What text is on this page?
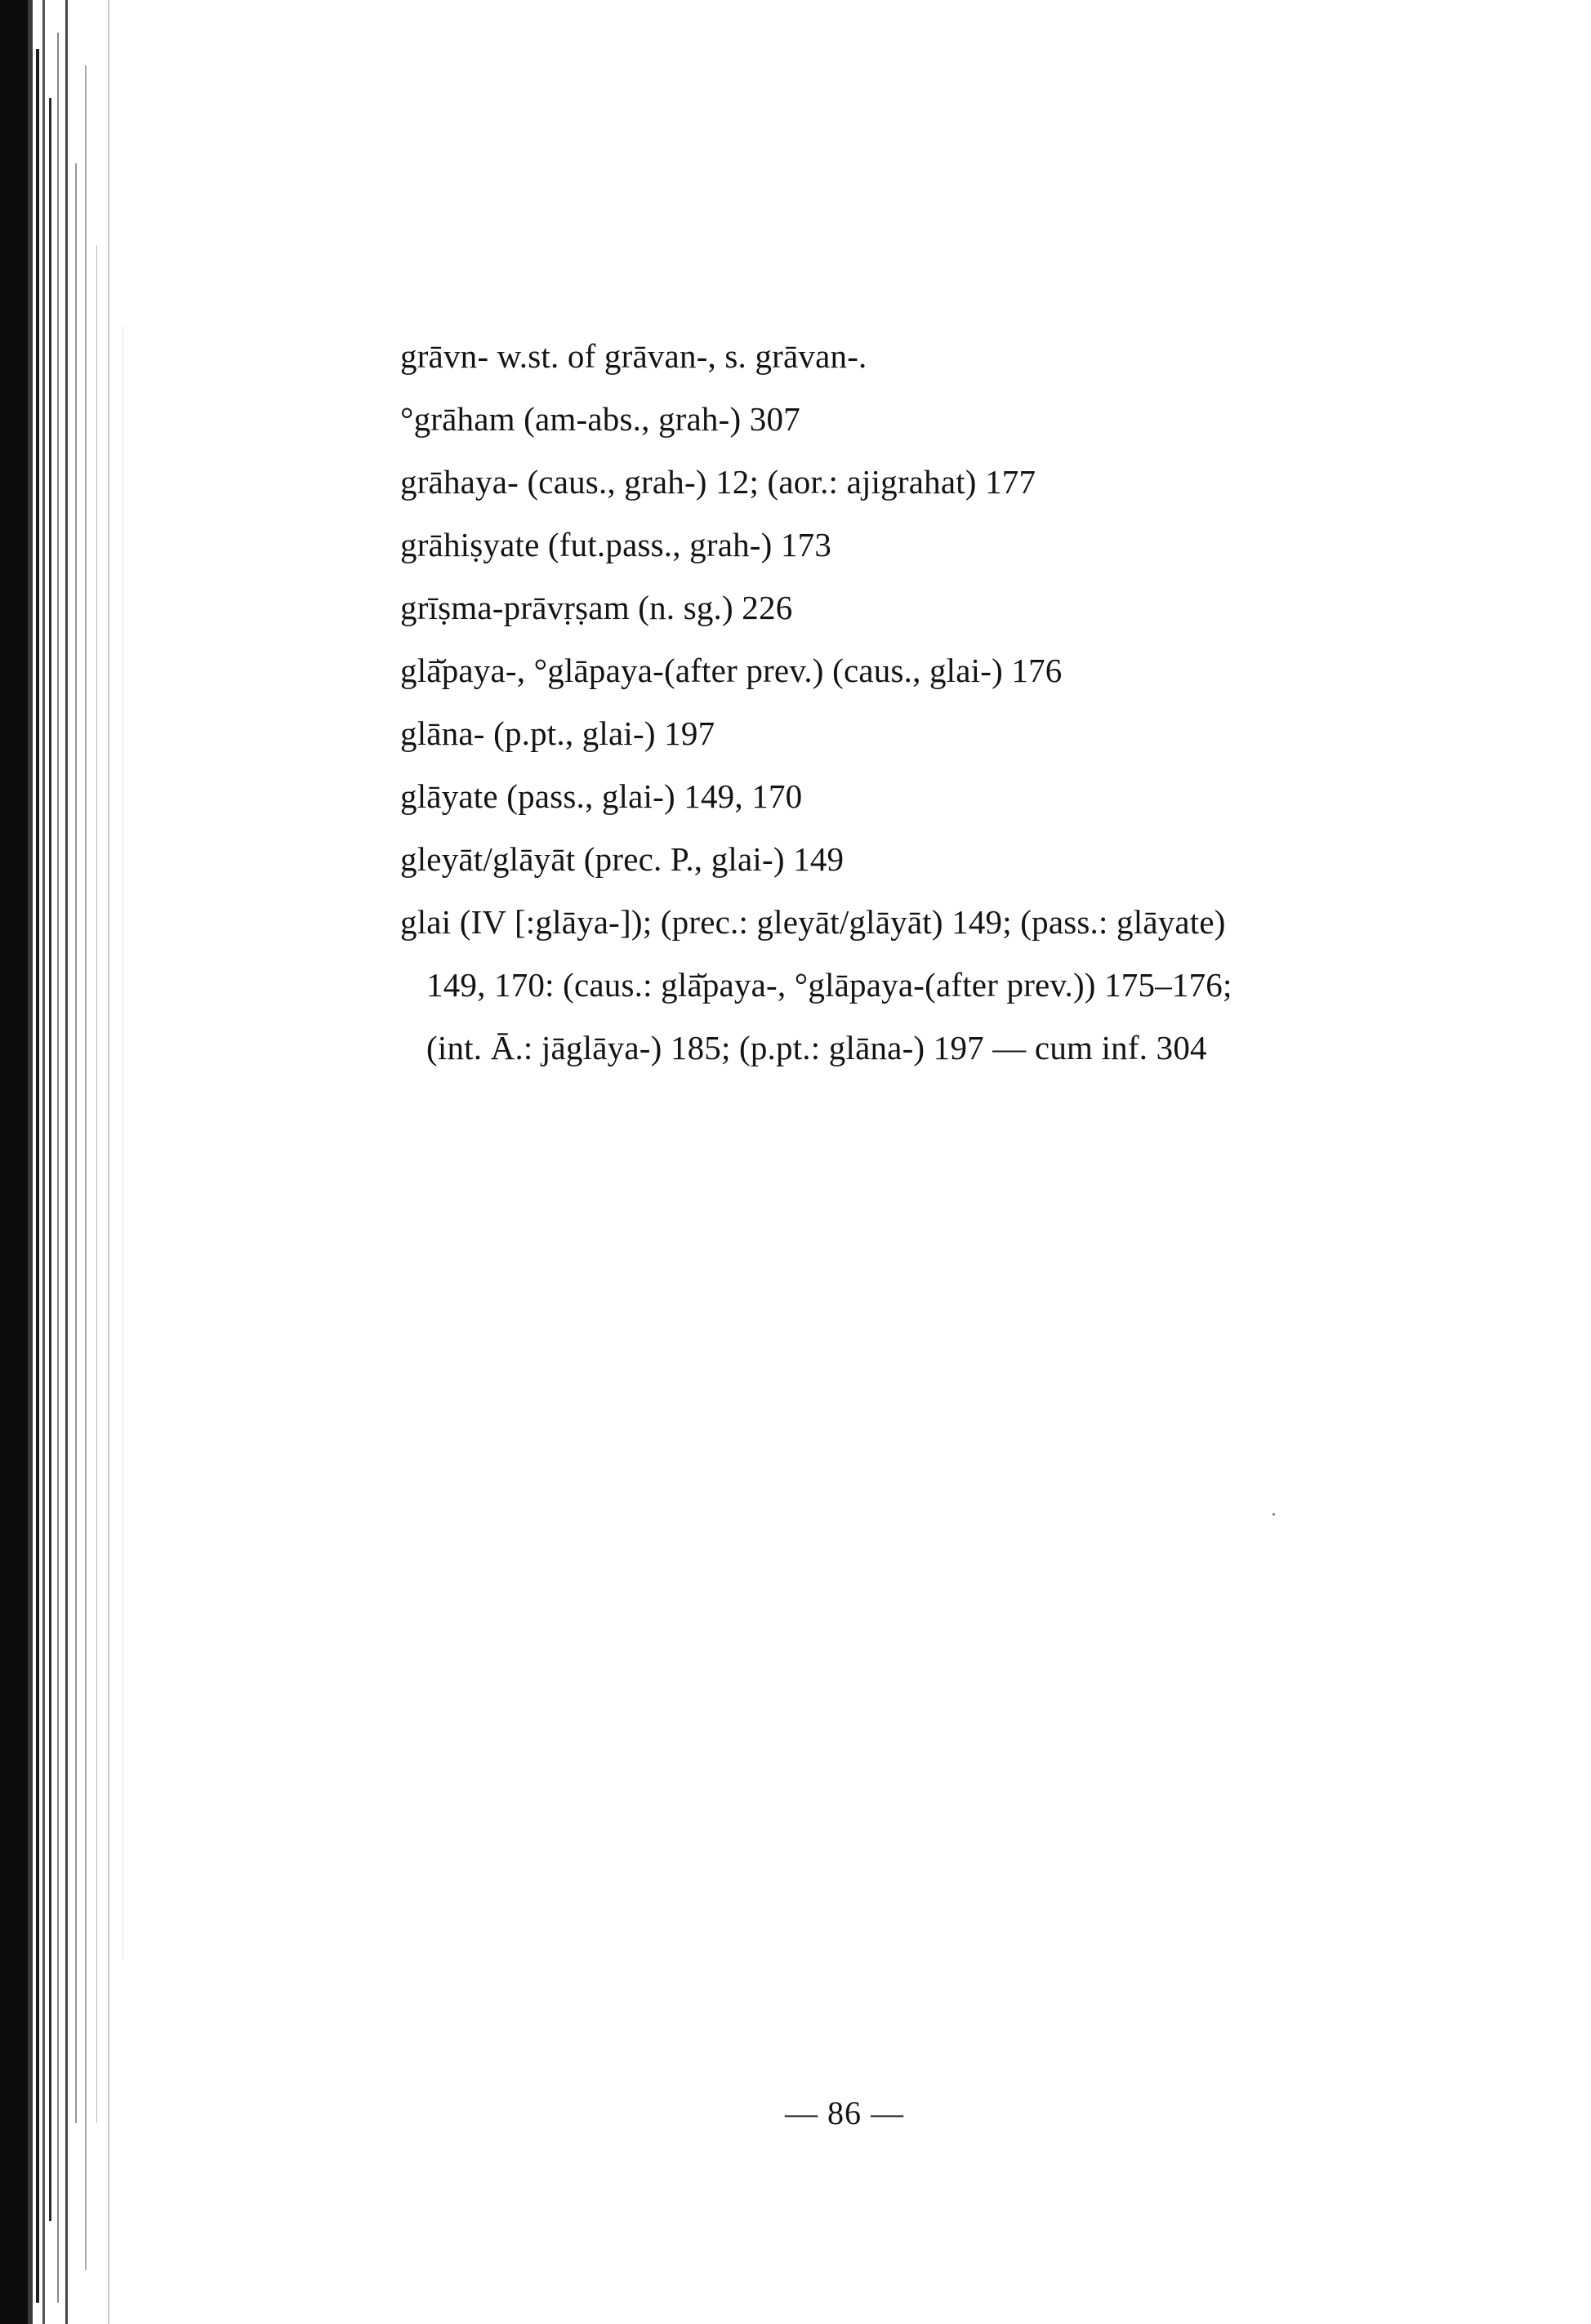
grāvn- w.st. of grāvan-, s. grāvan-.
°grāham (am-abs., grah-) 307
grāhaya- (caus., grah-) 12; (aor.: ajigrahat) 177
grāhiṣyate (fut.pass., grah-) 173
grīṣma-prāvṛṣam (n. sg.) 226
glā̆paya-, °glāpaya-(after prev.) (caus., glai-) 176
glāna- (p.pt., glai-) 197
glāyate (pass., glai-) 149, 170
gleyāt/glāyāt (prec. P., glai-) 149
glai (IV [:glāya-]); (prec.: gleyāt/glāyāt) 149; (pass.: glāyate)
149, 170: (caus.: glā̆paya-, °glāpaya-(after prev.)) 175–176;
(int. Ā.: jāglāya-) 185; (p.pt.: glāna-) 197 — cum inf. 304
— 86 —
